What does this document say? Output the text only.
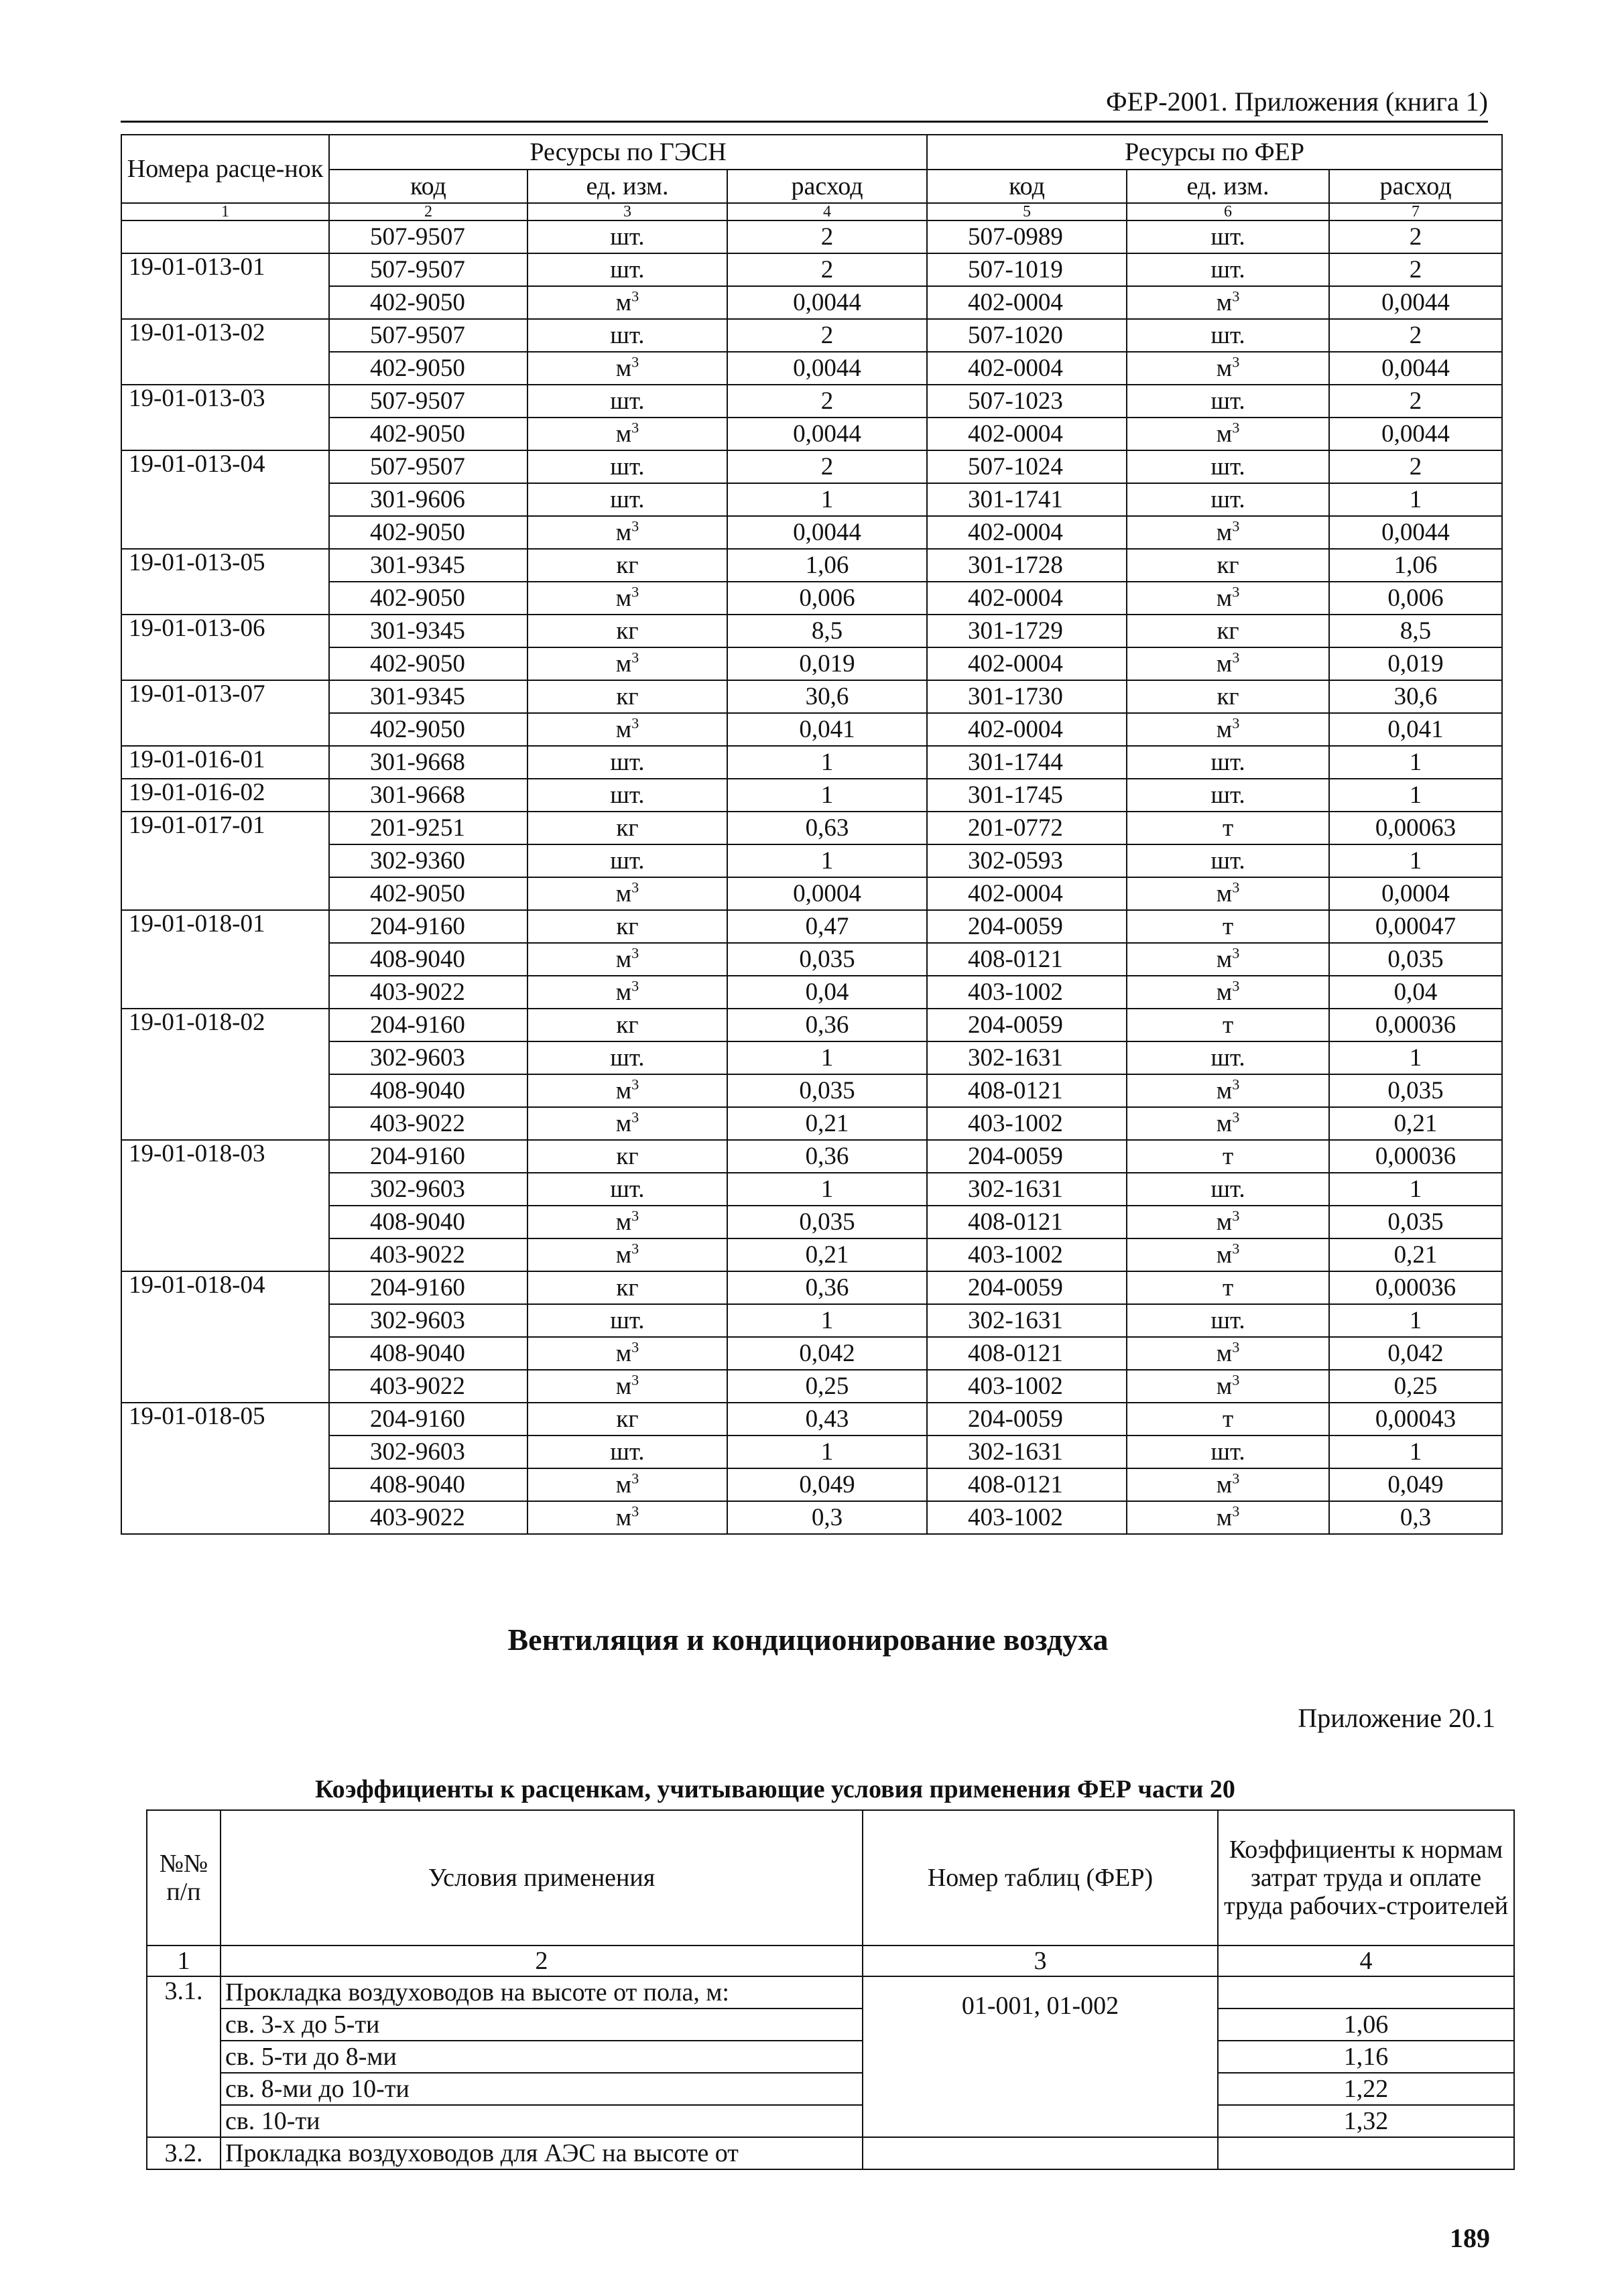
ФЕР-2001. Приложения (книга 1)
Номера расце-нок	Ресурсы по ГЭСН			Ресурсы по ФЕР		
	код	ед. изм.	расход	код	ед. изм.	расход
1	2	3	4	5	6	7
	507-9507	шт.	2	507-0989	шт.	2
19-01-013-01	507-9507	шт.	2	507-1019	шт.	2
	402-9050	$м^3$	0,0044	402-0004	$м^3$	0,0044
19-01-013-02	507-9507	шт.	2	507-1020	шт.	2
	402-9050	$м^3$	0,0044	402-0004	$м^3$	0,0044
19-01-013-03	507-9507	шт.	2	507-1023	шт.	2
	402-9050	$м^3$	0,0044	402-0004	$м^3$	0,0044
19-01-013-04	507-9507	шт.	2	507-1024	шт.	2
	301-9606	шт.	1	301-1741	шт.	1
	402-9050	$м^3$	0,0044	402-0004	$м^3$	0,0044
19-01-013-05	301-9345	кг	1,06	301-1728	кг	1,06
	402-9050	$м^3$	0,006	402-0004	$м^3$	0,006
19-01-013-06	301-9345	кг	8,5	301-1729	кг	8,5
	402-9050	$м^3$	0,019	402-0004	$м^3$	0,019
19-01-013-07	301-9345	кг	30,6	301-1730	кг	30,6
	402-9050	$м^3$	0,041	402-0004	$м^3$	0,041
19-01-016-01	301-9668	шт.	1	301-1744	шт.	1
19-01-016-02	301-9668	шт.	1	301-1745	шт.	1
19-01-017-01	201-9251	кг	0,63	201-0772	т	0,00063
	302-9360	шт.	1	302-0593	шт.	1
	402-9050	$м^3$	0,0004	402-0004	$м^3$	0,0004
19-01-018-01	204-9160	кг	0,47	204-0059	т	0,00047
	408-9040	$м^3$	0,035	408-0121	$м^3$	0,035
	403-9022	$м^3$	0,04	403-1002	$м^3$	0,04
19-01-018-02	204-9160	кг	0,36	204-0059	т	0,00036
	302-9603	шт.	1	302-1631	шт.	1
	408-9040	$м^3$	0,035	408-0121	$м^3$	0,035
	403-9022	$м^3$	0,21	403-1002	$м^3$	0,21
19-01-018-03	204-9160	кг	0,36	204-0059	т	0,00036
	302-9603	шт.	1	302-1631	шт.	1
	408-9040	$м^3$	0,035	408-0121	$м^3$	0,035
	403-9022	$м^3$	0,21	403-1002	$м^3$	0,21
19-01-018-04	204-9160	кг	0,36	204-0059	т	0,00036
	302-9603	шт.	1	302-1631	шт.	1
	408-9040	$м^3$	0,042	408-0121	$м^3$	0,042
	403-9022	$м^3$	0,25	403-1002	$м^3$	0,25
19-01-018-05	204-9160	кг	0,43	204-0059	т	0,00043
	302-9603	шт.	1	302-1631	шт.	1
	408-9040	$м^3$	0,049	408-0121	$м^3$	0,049
	403-9022	$м^3$	0,3	403-1002	$м^3$	0,3
Вентиляция и кондиционирование воздуха
Приложение 20.1
Коэффициенты к расценкам, учитывающие условия применения ФЕР части 20
№№ п/п	Условия применения	Номер таблиц (ФЕР)	Коэффициенты к нормам затрат труда и оплате труда рабочих-строителей

1	2	3	4
3.1.	Прокладка воздуховодов на высоте от пола, м:	01-001, 01-002	

	св. 3-х до 5-ти		1,06
	св. 5-ти до 8-ми		1,16
	св. 8-ми до 10-ти		1,22
	св. 10-ти		1,32
3.2.	Прокладка воздуховодов для АЭС на высоте от		
189
